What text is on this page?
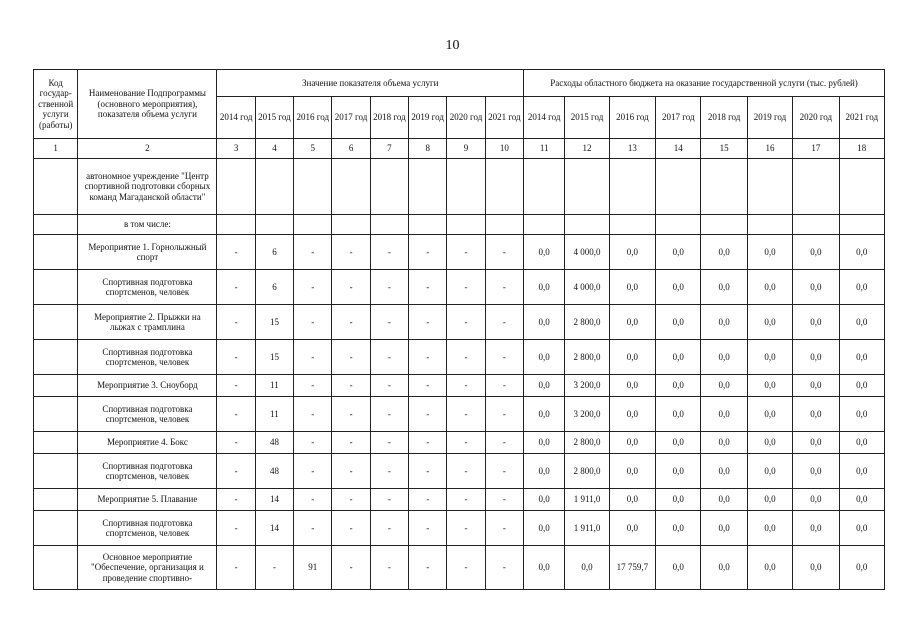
10
Код государ-ственной услуги (работы)	Наименование Подпрограммы (основного мероприятия), показателя объема услуги	Значение показателя объема услуги								Расходы областного бюджета на оказание государственной услуги (тыс. рублей)							
		2014 год	2015 год	2016 год	2017 год	2018 год	2019 год	2020 год	2021 год	2014 год	2015 год	2016 год	2017 год	2018 год	2019 год	2020 год	2021 год
1	2	3	4	5	6	7	8	9	10	11	12	13	14	15	16	17	18
	автономное учреждение "Центр спортивной подготовки сборных команд Магаданской области"																
	в том числе:																
	Мероприятие 1. Горнолыжный спорт	-	6	-	-	-	-	-	-	0,0	4 000,0	0,0	0,0	0,0	0,0	0,0	0,0
	Спортивная подготовка спортсменов, человек	-	6	-	-	-	-	-	-	0,0	4 000,0	0,0	0,0	0,0	0,0	0,0	0,0
	Мероприятие 2. Прыжки на лыжах с трамплина	-	15	-	-	-	-	-	-	0,0	2 800,0	0,0	0,0	0,0	0,0	0,0	0,0
	Спортивная подготовка спортсменов, человек	-	15	-	-	-	-	-	-	0,0	2 800,0	0,0	0,0	0,0	0,0	0,0	0,0
	Мероприятие 3. Сноуборд	-	11	-	-	-	-	-	-	0,0	3 200,0	0,0	0,0	0,0	0,0	0,0	0,0
	Спортивная подготовка спортсменов, человек	-	11	-	-	-	-	-	-	0,0	3 200,0	0,0	0,0	0,0	0,0	0,0	0,0
	Мероприятие 4. Бокс	-	48	-	-	-	-	-	-	0,0	2 800,0	0,0	0,0	0,0	0,0	0,0	0,0
	Спортивная подготовка спортсменов, человек	-	48	-	-	-	-	-	-	0,0	2 800,0	0,0	0,0	0,0	0,0	0,0	0,0
	Мероприятие 5. Плавание	-	14	-	-	-	-	-	-	0,0	1 911,0	0,0	0,0	0,0	0,0	0,0	0,0
	Спортивная подготовка спортсменов, человек	-	14	-	-	-	-	-	-	0,0	1 911,0	0,0	0,0	0,0	0,0	0,0	0,0
	Основное мероприятие "Обеспечение, организация и проведение спортивно-	-	-	91	-	-	-	-	-	0,0	0,0	17 759,7	0,0	0,0	0,0	0,0	0,0
